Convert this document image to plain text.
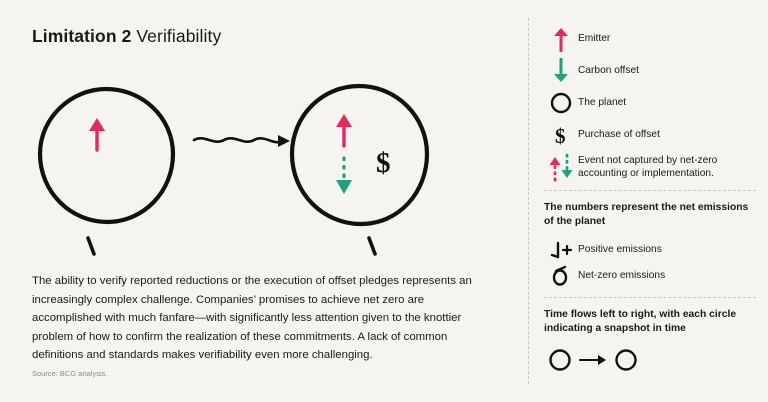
Limitation 2 Verifiability
$
The ability to verify reported reductions or the execution of offset pledges represents an increasingly complex challenge. Companies’ promises to achieve net zero are accomplished with much fanfare—with significantly less attention given to the knottier problem of how to confirm the realization of these commitments. A lack of common definitions and standards makes verifiability even more challenging.
Source: BCG analysis.
Emitter
Carbon offset
The planet
$ Purchase of offset
Event not captured by net-zero accounting or implementation.
The numbers represent the net emissions of the planet
Positive emissions
Net-zero emissions
Time flows left to right, with each circle indicating a snapshot in time
